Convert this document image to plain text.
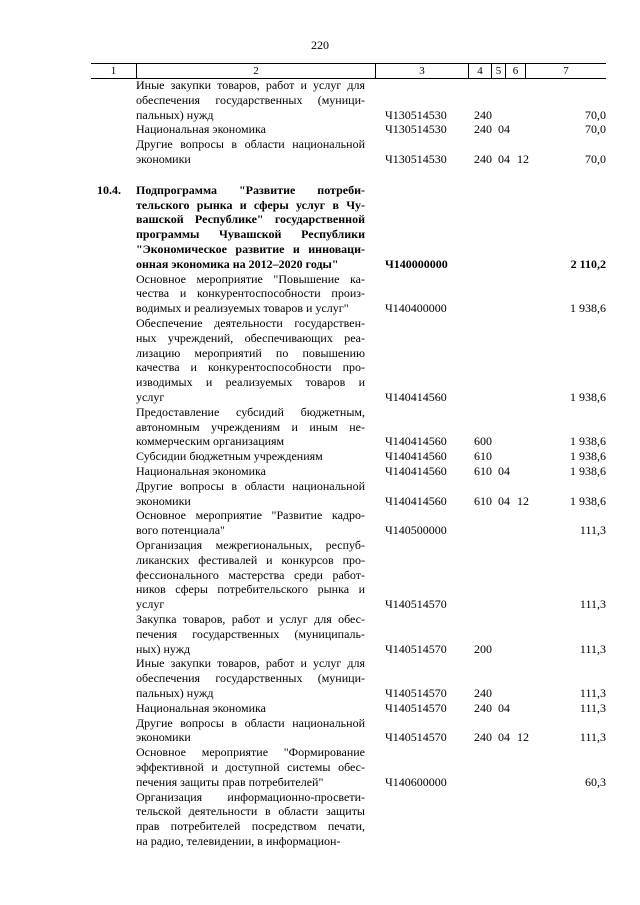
220
1	2	3	4	5	6	7
Иные закупки товаров, работ и услуг для
обеспечения государственных (муници-
пальных) нужд	Ч130514530 240	70,0
Национальная экономика	Ч130514530 240 04	70,0
Другие вопросы в области национальной
экономики	Ч130514530 240 04 12	70,0
10.4. Подпрограмма "Развитие потреби-
тельского рынка и сферы услуг в Чу-
вашской Республике" государственной
программы Чувашской Республики
"Экономическое развитие и инноваци-
онная экономика на 2012–2020 годы"	Ч140000000	2 110,2
Основное мероприятие "Повышение ка-
чества и конкурентоспособности произ-
водимых и реализуемых товаров и услуг"	Ч140400000	1 938,6
Обеспечение деятельности государствен-
ных учреждений, обеспечивающих реа-
лизацию мероприятий по повышению
качества и конкурентоспособности про-
изводимых и реализуемых товаров и
услуг	Ч140414560	1 938,6
Предоставление субсидий бюджетным,
автономным учреждениям и иным не-
коммерческим организациям	Ч140414560 600	1 938,6
Субсидии бюджетным учреждениям	Ч140414560 610	1 938,6
Национальная экономика	Ч140414560 610 04	1 938,6
Другие вопросы в области национальной
экономики	Ч140414560 610 04 12	1 938,6
Основное мероприятие "Развитие кадро-
вого потенциала"	Ч140500000	111,3
Организация межрегиональных, респуб-
ликанских фестивалей и конкурсов про-
фессионального мастерства среди работ-
ников сферы потребительского рынка и
услуг	Ч140514570	111,3
Закупка товаров, работ и услуг для обес-
печения государственных (муниципаль-
ных) нужд	Ч140514570 200	111,3
Иные закупки товаров, работ и услуг для
обеспечения государственных (муници-
пальных) нужд	Ч140514570 240	111,3
Национальная экономика	Ч140514570 240 04	111,3
Другие вопросы в области национальной
экономики	Ч140514570 240 04 12	111,3
Основное мероприятие "Формирование
эффективной и доступной системы обес-
печения защиты прав потребителей"	Ч140600000	60,3
Организация информационно-просвети-
тельской деятельности в области защиты
прав потребителей посредством печати,
на радио, телевидении, в информацион-
